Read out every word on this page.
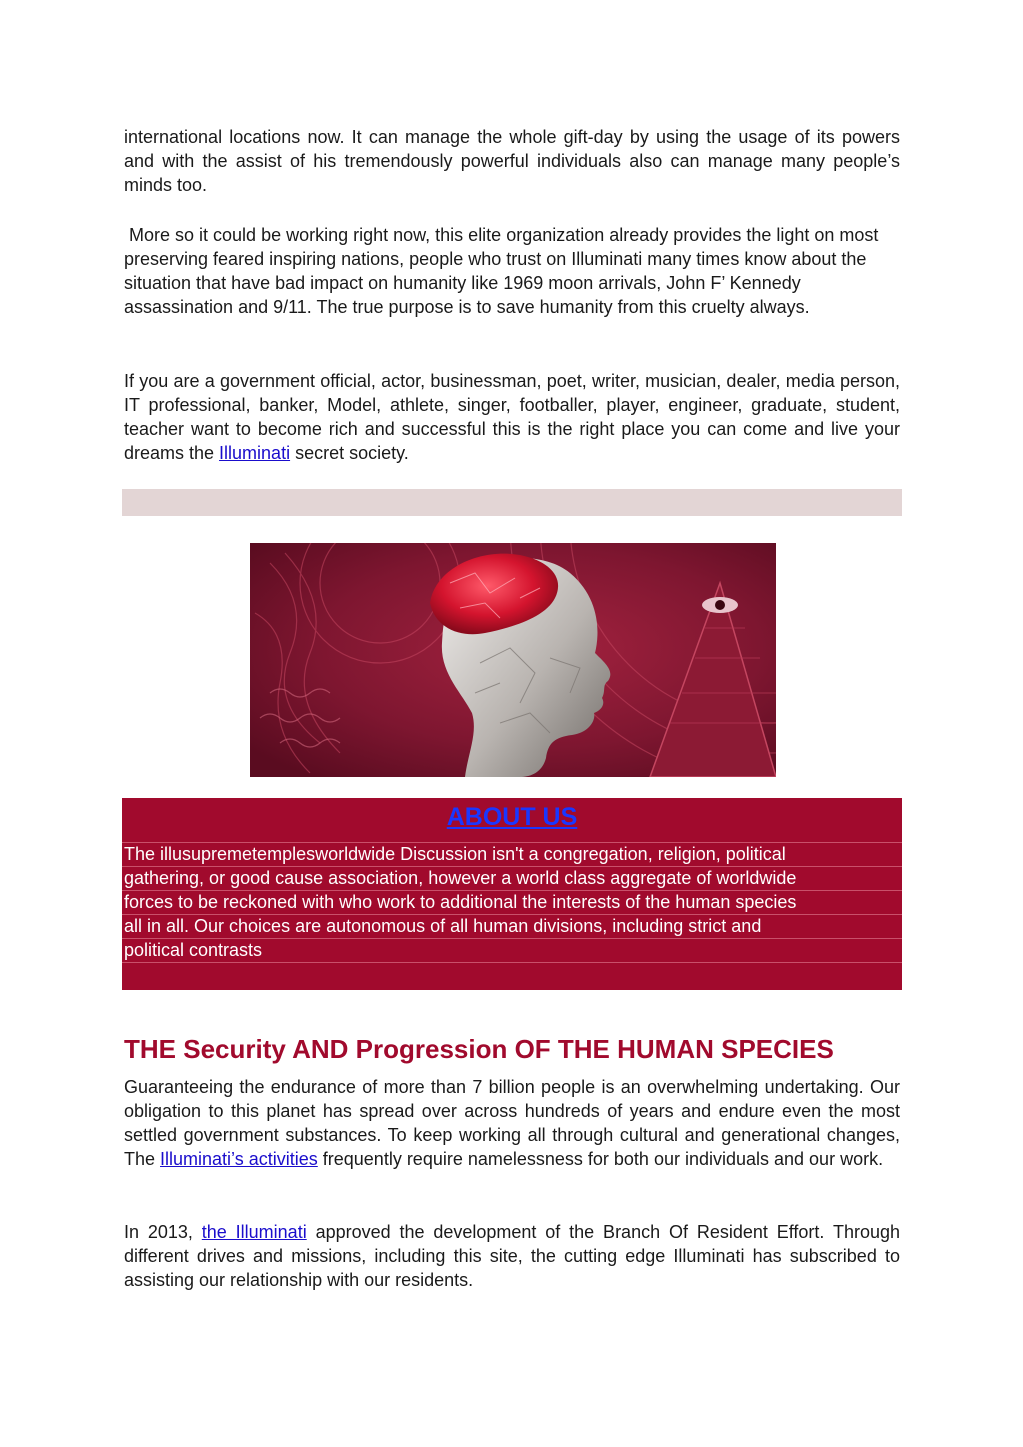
international locations now. It can manage the whole gift-day by using the usage of its powers and with the assist of his tremendously powerful individuals also can manage many people’s minds too.

More so it could be working right now, this elite organization already provides the light on most preserving feared inspiring nations, people who trust on Illuminati many times know about the situation that have bad impact on humanity like 1969 moon arrivals, John F’ Kennedy assassination and 9/11. The true purpose is to save humanity from this cruelty always.

If you are a government official, actor, businessman, poet, writer, musician, dealer, media person, IT professional, banker, Model, athlete, singer, footballer, player, engineer, graduate, student, teacher want to become rich and successful this is the right place you can come and live your dreams the Illuminati secret society.

ABOUT US
The illusupremetemplesworldwide Discussion isn't a congregation, religion, political
gathering, or good cause association, however a world class aggregate of worldwide
forces to be reckoned with who work to additional the interests of the human species
all in all. Our choices are autonomous of all human divisions, including strict and
political contrasts
THE Security AND Progression OF THE HUMAN SPECIES

Guaranteeing the endurance of more than 7 billion people is an overwhelming undertaking. Our obligation to this planet has spread over across hundreds of years and endure even the most settled government substances. To keep working all through cultural and generational changes, The Illuminati’s activities frequently require namelessness for both our individuals and our work.

In 2013, the Illuminati approved the development of the Branch Of Resident Effort. Through different drives and missions, including this site, the cutting edge Illuminati has subscribed to assisting our relationship with our residents.
